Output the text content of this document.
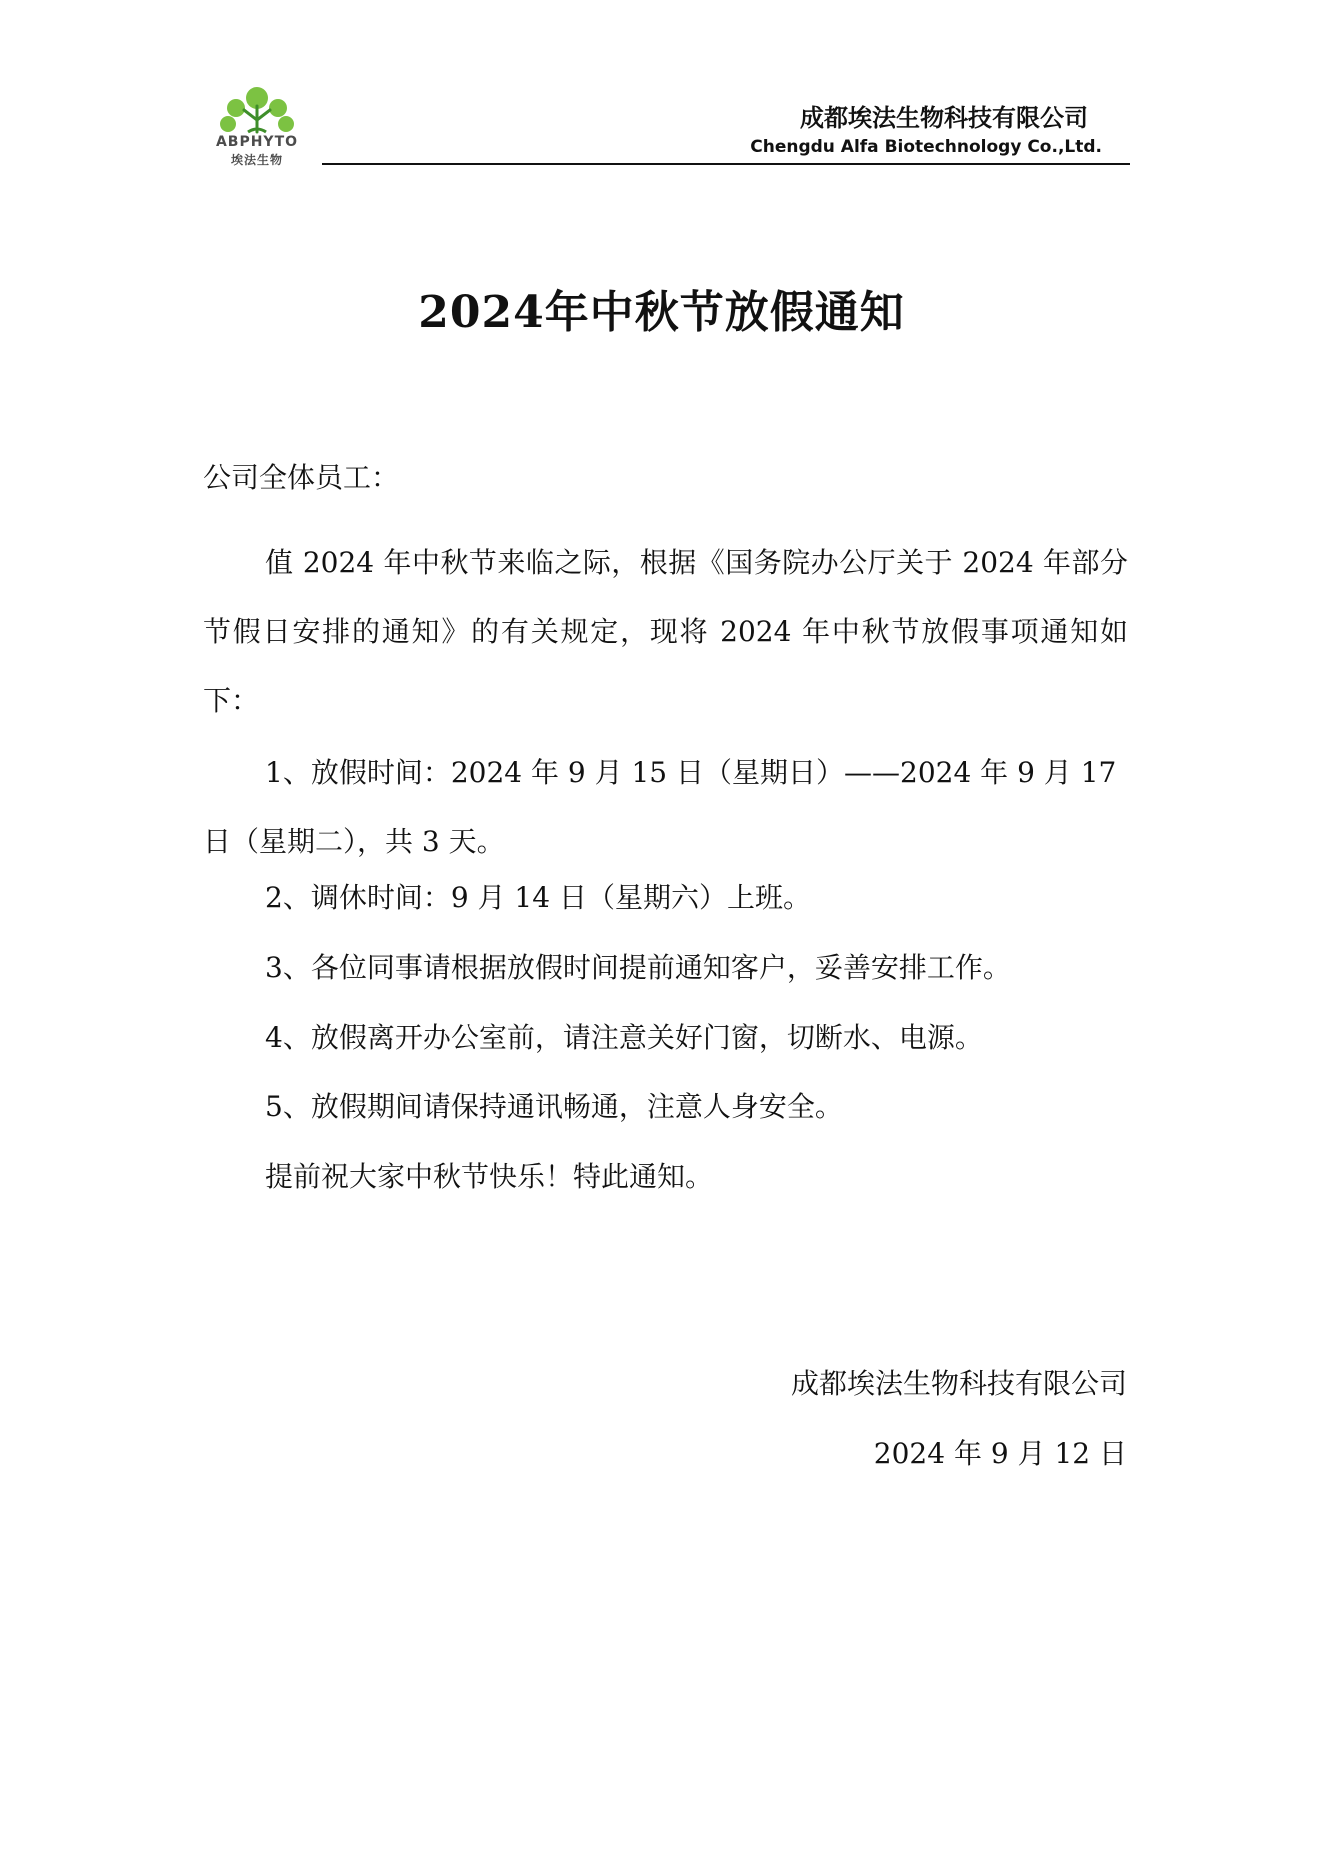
ABPHYTO
埃法生物
成都埃法生物科技有限公司
Chengdu Alfa Biotechnology Co.,Ltd.
2024年中秋节放假通知
公司全体员工：
值 2024 年中秋节来临之际，根据《国务院办公厅关于 2024 年部分节假日安排的通知》的有关规定，现将 2024 年中秋节放假事项通知如下：
1、放假时间：2024 年 9 月 15 日（星期日）——2024 年 9 月 17 日（星期二），共 3 天。
2、调休时间：9 月 14 日（星期六）上班。
3、各位同事请根据放假时间提前通知客户，妥善安排工作。
4、放假离开办公室前，请注意关好门窗，切断水、电源。
5、放假期间请保持通讯畅通，注意人身安全。
提前祝大家中秋节快乐！特此通知。
成都埃法生物科技有限公司
2024 年 9 月 12 日
